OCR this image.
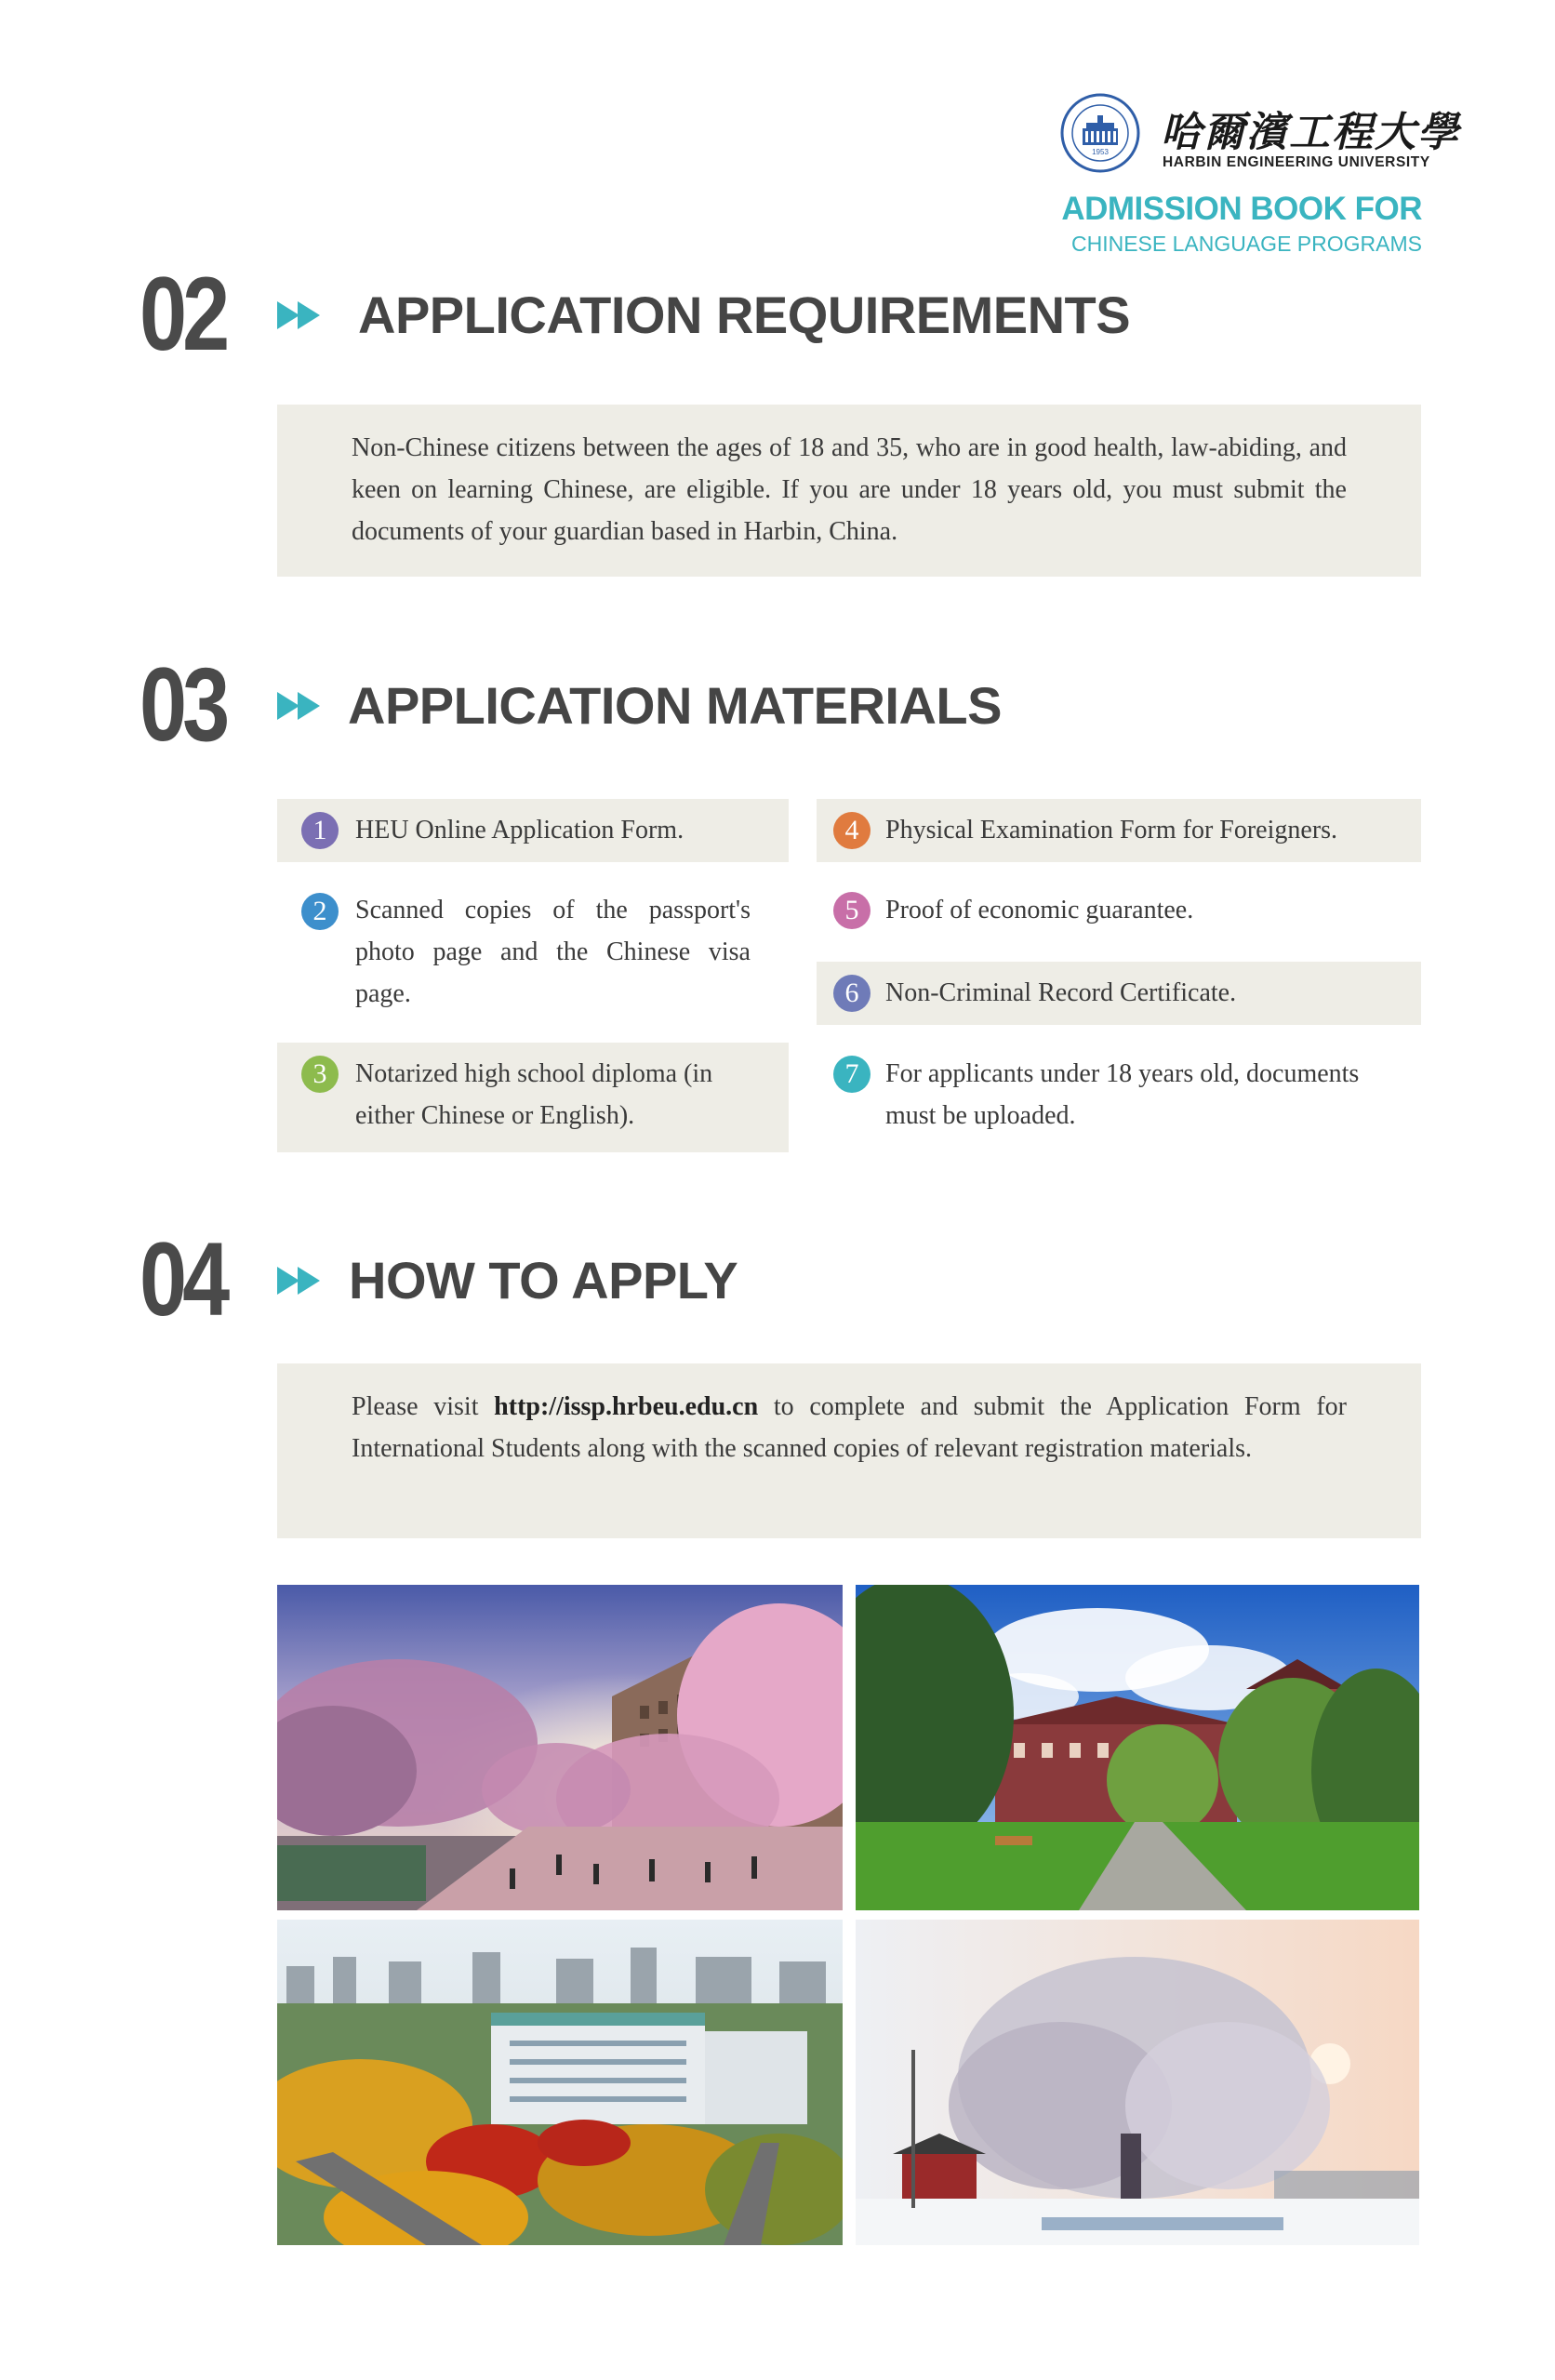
1953 哈爾濱工程大學
HARBIN ENGINEERING UNIVERSITY
ADMISSION BOOK FOR
CHINESE LANGUAGE PROGRAMS
02	APPLICATION REQUIREMENTS
Non-Chinese citizens between the ages of 18 and 35, who are in good health, law-abiding, and keen on learning Chinese, are eligible. If you are under 18 years old, you must submit the documents of your guardian based in Harbin, China.
03 APPLICATION MATERIALS
1	HEU Online Application Form.
2	Scanned copies of the passport's photo page and the Chinese visa page.
3	Notarized high school diploma (in either Chinese or English).
4	Physical Examination Form for Foreigners.
5	Proof of economic guarantee.
6	Non-Criminal Record Certificate.
7	For applicants under 18 years old, documents must be uploaded.
04 HOW TO APPLY
Please visit http://issp.hrbeu.edu.cn to complete and submit the Application Form for International Students along with the scanned copies of relevant registration materials.
